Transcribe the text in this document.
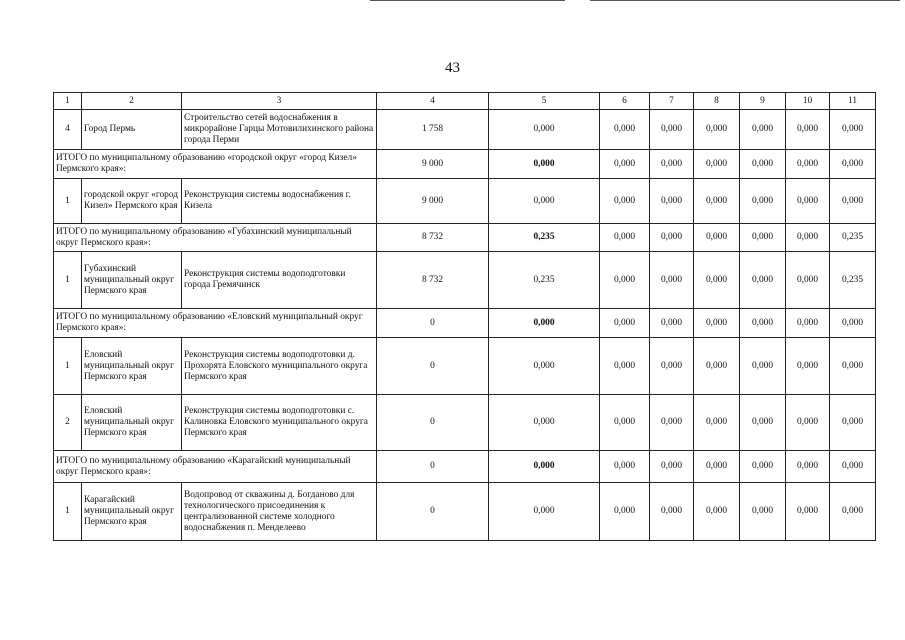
43
1	2	3	4	5	6	7	8	9	10	11
4	Город Пермь	Строительство сетей водоснабжения в микрорайоне Гарцы Мотовилихинского района города Перми	1 758	0,000	0,000	0,000	0,000	0,000	0,000	0,000
ИТОГО по муниципальному образованию «городской округ «город Кизел» Пермского края»:			9 000	0,000	0,000	0,000	0,000	0,000	0,000	0,000
1	городской округ «город Кизел» Пермского края	Реконструкция системы водоснабжения г. Кизела	9 000	0,000	0,000	0,000	0,000	0,000	0,000	0,000
ИТОГО по муниципальному образованию «Губахинский муниципальный округ Пермского края»:			8 732	0,235	0,000	0,000	0,000	0,000	0,000	0,235
1	Губахинский муниципальный округ Пермского края	Реконструкция системы водоподготовки города Гремячинск	8 732	0,235	0,000	0,000	0,000	0,000	0,000	0,235
ИТОГО по муниципальному образованию «Еловский муниципальный округ Пермского края»:			0	0,000	0,000	0,000	0,000	0,000	0,000	0,000
1	Еловский муниципальный округ Пермского края	Реконструкция системы водоподготовки д. Прохорята Еловского муниципального округа Пермского края	0	0,000	0,000	0,000	0,000	0,000	0,000	0,000
2	Еловский муниципальный округ Пермского края	Реконструкция системы водоподготовки с. Калиновка Еловского муниципального округа Пермского края	0	0,000	0,000	0,000	0,000	0,000	0,000	0,000
ИТОГО по муниципальному образованию «Карагайский муниципальный округ Пермского края»:			0	0,000	0,000	0,000	0,000	0,000	0,000	0,000
1	Карагайский муниципальный округ Пермского края	Водопровод от скважины д. Богданово для технологического присоединения к централизованной системе холодного водоснабжения п. Менделеево	0	0,000	0,000	0,000	0,000	0,000	0,000	0,000
